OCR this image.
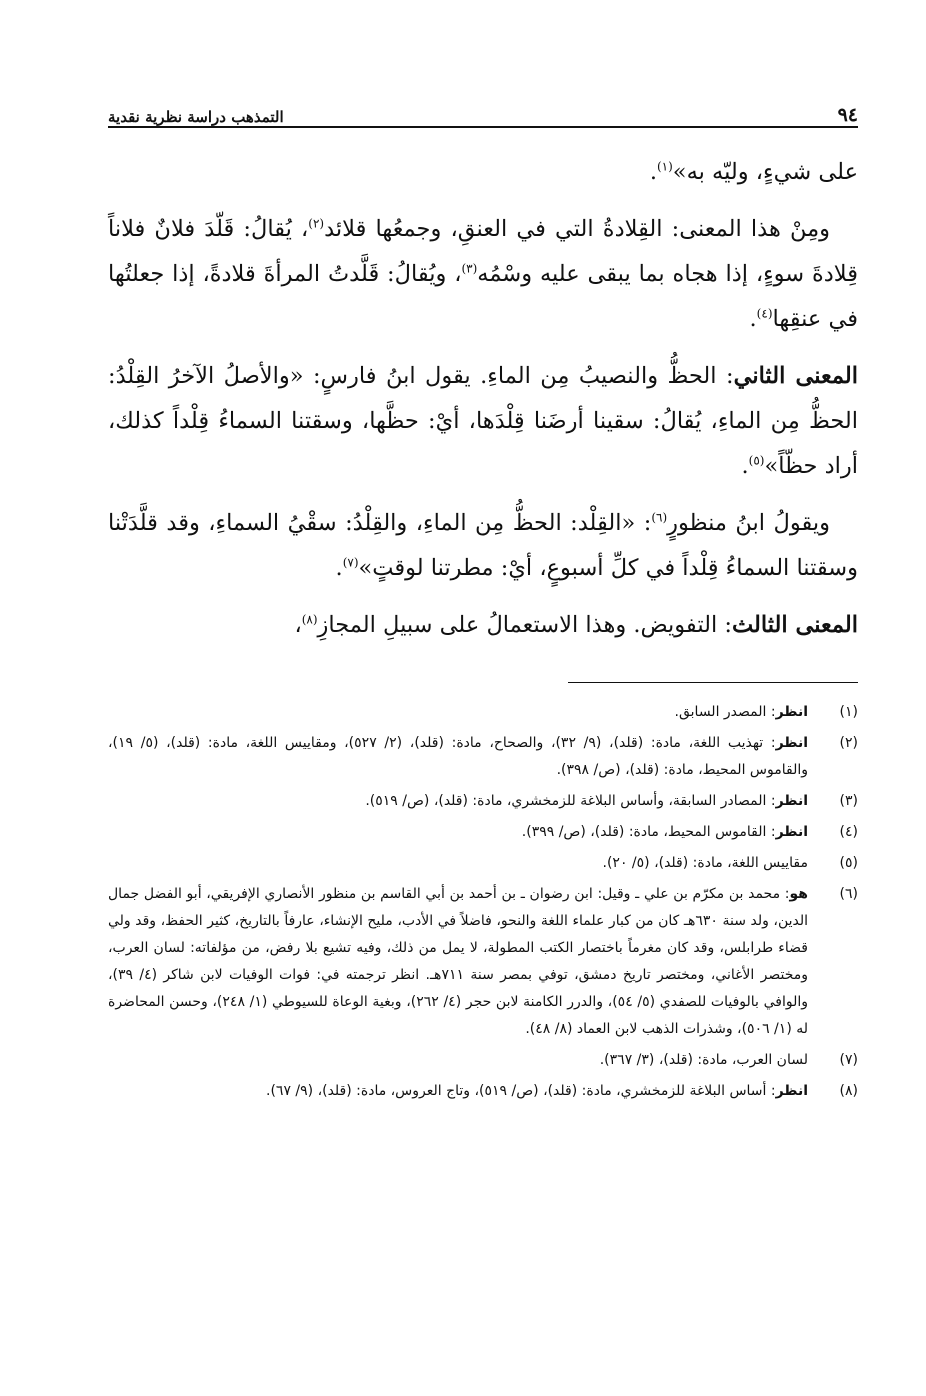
٩٤
التمذهب دراسة نظرية نقدية

على شيءٍ، وليّه به»$^{(١)}$.

ومِنْ هذا المعنى: القِلادةُ التي في العنقِ، وجمعُها قلائد$^{(٢)}$، يُقالُ: قَلّدَ فلانٌ فلاناً قِلادةَ سوءٍ، إذا هجاه بما يبقى عليه وسْمُه$^{(٣)}$، ويُقالُ: قَلَّدتُ المرأةَ قلادةً، إذا جعلتُها في عنقِها$^{(٤)}$.

المعنى الثاني: الحظُّ والنصيبُ مِن الماءِ. يقول ابنُ فارسٍ: «والأصلُ الآخرُ القِلْدُ: الحظُّ مِن الماءِ، يُقالُ: سقينا أرضَنا قِلْدَها، أيْ: حظَّها، وسقتنا السماءُ قِلْداً كذلك، أراد حظّاً»$^{(٥)}$.

ويقولُ ابنُ منظورٍ$^{(٦)}$: «القِلْد: الحظُّ مِن الماءِ، والقِلْدُ: سقْيُ السماءِ، وقد قلَّدَتْنا وسقتنا السماءُ قِلْداً في كلِّ أسبوعٍ، أيْ: مطرتنا لوقتٍ»$^{(٧)}$.

المعنى الثالث: التفويض. وهذا الاستعمالُ على سبيلِ المجازِ$^{(٨)}$،

(١)
انظر: المصدر السابق.
(٢)
انظر: تهذيب اللغة، مادة: (قلد)، (٩/ ٣٢)، والصحاح، مادة: (قلد)، (٢/ ٥٢٧)، ومقاييس اللغة، مادة: (قلد)، (٥/ ١٩)، والقاموس المحيط، مادة: (قلد)، (ص/ ٣٩٨).
(٣)
انظر: المصادر السابقة، وأساس البلاغة للزمخشري، مادة: (قلد)، (ص/ ٥١٩).
(٤)
انظر: القاموس المحيط، مادة: (قلد)، (ص/ ٣٩٩).
(٥)
مقاييس اللغة، مادة: (قلد)، (٥/ ٢٠).
(٦)
هو: محمد بن مكرّم بن علي ـ وقيل: ابن رضوان ـ بن أحمد بن أبي القاسم بن منظور الأنصاري الإفريقي، أبو الفضل جمال الدين، ولد سنة ٦٣٠هـ كان من كبار علماء اللغة والنحو، فاضلاً في الأدب، مليح الإنشاء، عارفاً بالتاريخ، كثير الحفظ، وقد ولي قضاء طرابلس، وقد كان مغرماً باختصار الكتب المطولة، لا يمل من ذلك، وفيه تشيع بلا رفض، من مؤلفاته: لسان العرب، ومختصر الأغاني، ومختصر تاريخ دمشق، توفي بمصر سنة ٧١١هـ. انظر ترجمته في: فوات الوفيات لابن شاكر (٤/ ٣٩)، والوافي بالوفيات للصفدي (٥/ ٥٤)، والدرر الكامنة لابن حجر (٤/ ٢٦٢)، وبغية الوعاة للسيوطي (١/ ٢٤٨)، وحسن المحاضرة له (١/ ٥٠٦)، وشذرات الذهب لابن العماد (٨/ ٤٨).
(٧)
لسان العرب، مادة: (قلد)، (٣/ ٣٦٧).
(٨)
انظر: أساس البلاغة للزمخشري، مادة: (قلد)، (ص/ ٥١٩)، وتاج العروس، مادة: (قلد)، (٩/ ٦٧).
